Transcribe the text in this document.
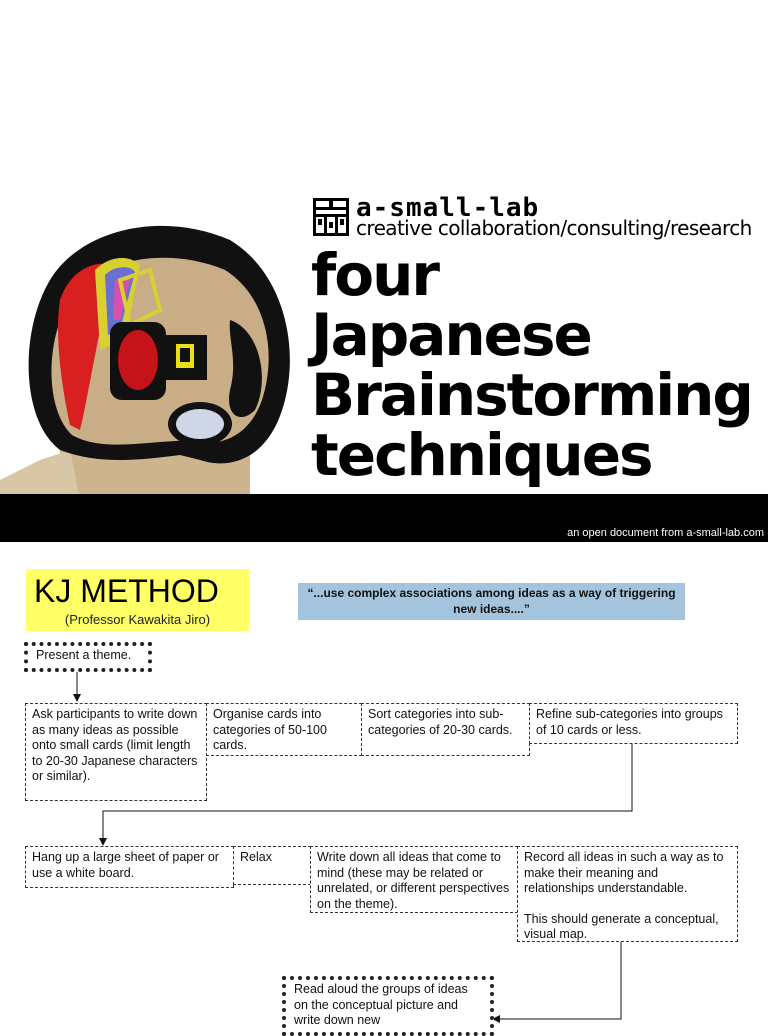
a-small-lab
creative collaboration/consulting/research
four
Japanese
Brainstorming
techniques
an open document from a-small-lab.com
KJ METHOD
(Professor Kawakita Jiro)
“...use complex associations among ideas as a way of triggering new ideas....”
Present a theme.
Ask participants to write down as many ideas as possible onto small cards (limit length to 20-30 Japanese characters or similar).
Organise cards into categories of 50-100 cards.
Sort categories into sub-categories of 20-30 cards.
Refine sub-categories into groups of 10 cards or less.
Hang up a large sheet of paper or use a white board.
Relax	Write down all ideas that come to mind (these may be related or unrelated, or different perspectives on the theme).
Record all ideas in such a way as to make their meaning and relationships understandable.
This should generate a conceptual, visual map.
Read aloud the groups of ideas on the conceptual picture and write down new
